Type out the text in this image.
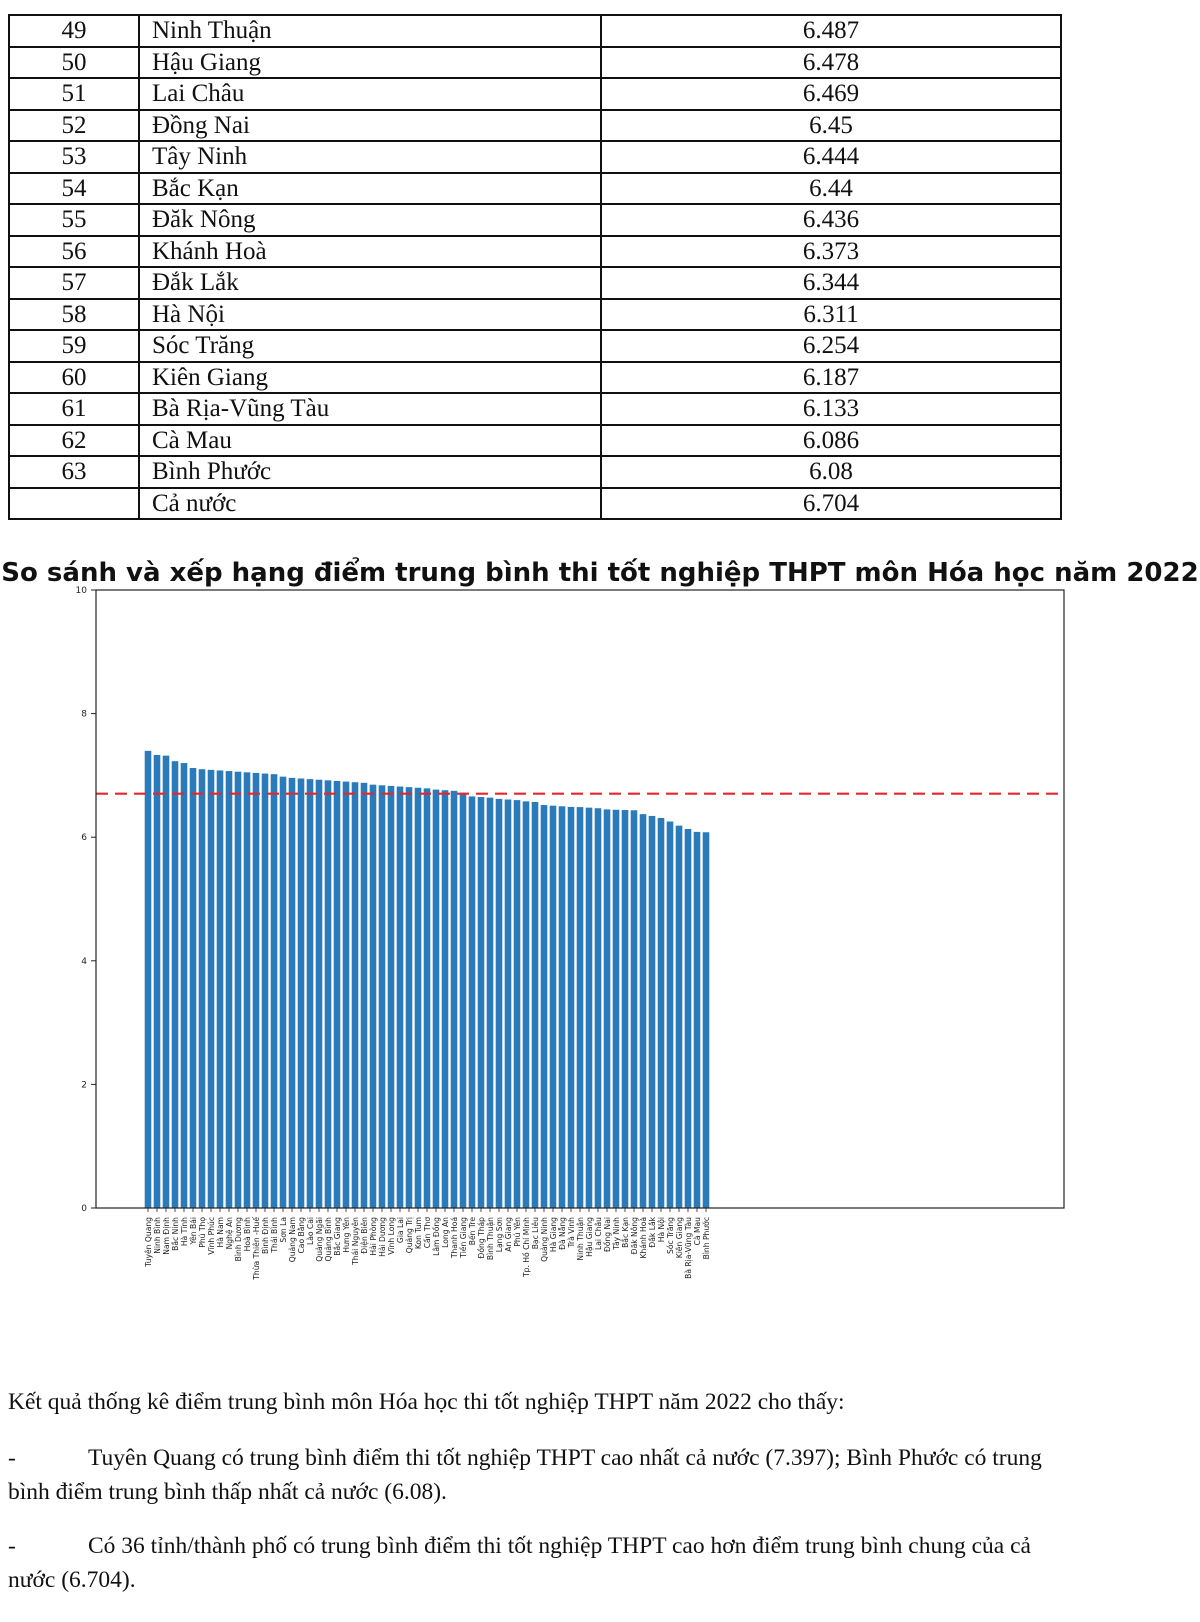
49	Ninh Thuận	6.487
50	Hậu Giang	6.478
51	Lai Châu	6.469
52	Đồng Nai	6.45
53	Tây Ninh	6.444
54	Bắc Kạn	6.44
55	Đăk Nông	6.436
56	Khánh Hoà	6.373
57	Đắk Lắk	6.344
58	Hà Nội	6.311
59	Sóc Trăng	6.254
60	Kiên Giang	6.187
61	Bà Rịa-Vũng Tàu	6.133
62	Cà Mau	6.086
63	Bình Phước	6.08
	Cả nước	6.704
So sánh và xếp hạng điểm trung bình thi tốt nghiệp THPT môn Hóa học năm 2022
Tuyên Quang Ninh Bình Nam Định Bắc Ninh Hà Tĩnh Yên Bái Phú Thọ Vĩnh Phúc Hà Nam Nghệ An Bình Dương Hoà Bình Thừa Thiên -Huế Bình Định Thái Bình Sơn La Quảng Nam Cao Bằng Lào Cai Quảng Ngãi Quảng Bình Bắc Giang Hưng Yên Thái Nguyên Điện Biên Hải Phòng Hải Dương Vĩnh Long Gia Lai Quảng Trị Kon Tum Cần Thơ Lâm Đồng Long An Thanh Hoá Tiền Giang Bến Tre Đồng Tháp Bình Thuận Lạng Sơn An Giang Phú Yên Tp. Hồ Chí Minh Bạc Liêu Quảng Ninh Hà Giang Đà Nẵng Trà Vinh Ninh Thuận Hậu Giang Lai Châu Đồng Nai Tây Ninh Bắc Kạn Đăk Nông Khánh Hoà Đắk Lắk Hà Nội Sóc Trăng Kiên Giang Bà Rịa-Vũng Tàu Cà Mau Bình Phước
0
2
4
6
8
10

Kết quả thống kê điểm trung bình môn Hóa học thi tốt nghiệp THPT năm 2022 cho thấy:

-	Tuyên Quang có trung bình điểm thi tốt nghiệp THPT cao nhất cả nước (7.397); Bình Phước có trung bình điểm trung bình thấp nhất cả nước (6.08).

-	Có 36 tỉnh/thành phố có trung bình điểm thi tốt nghiệp THPT cao hơn điểm trung bình chung của cả nước (6.704).
